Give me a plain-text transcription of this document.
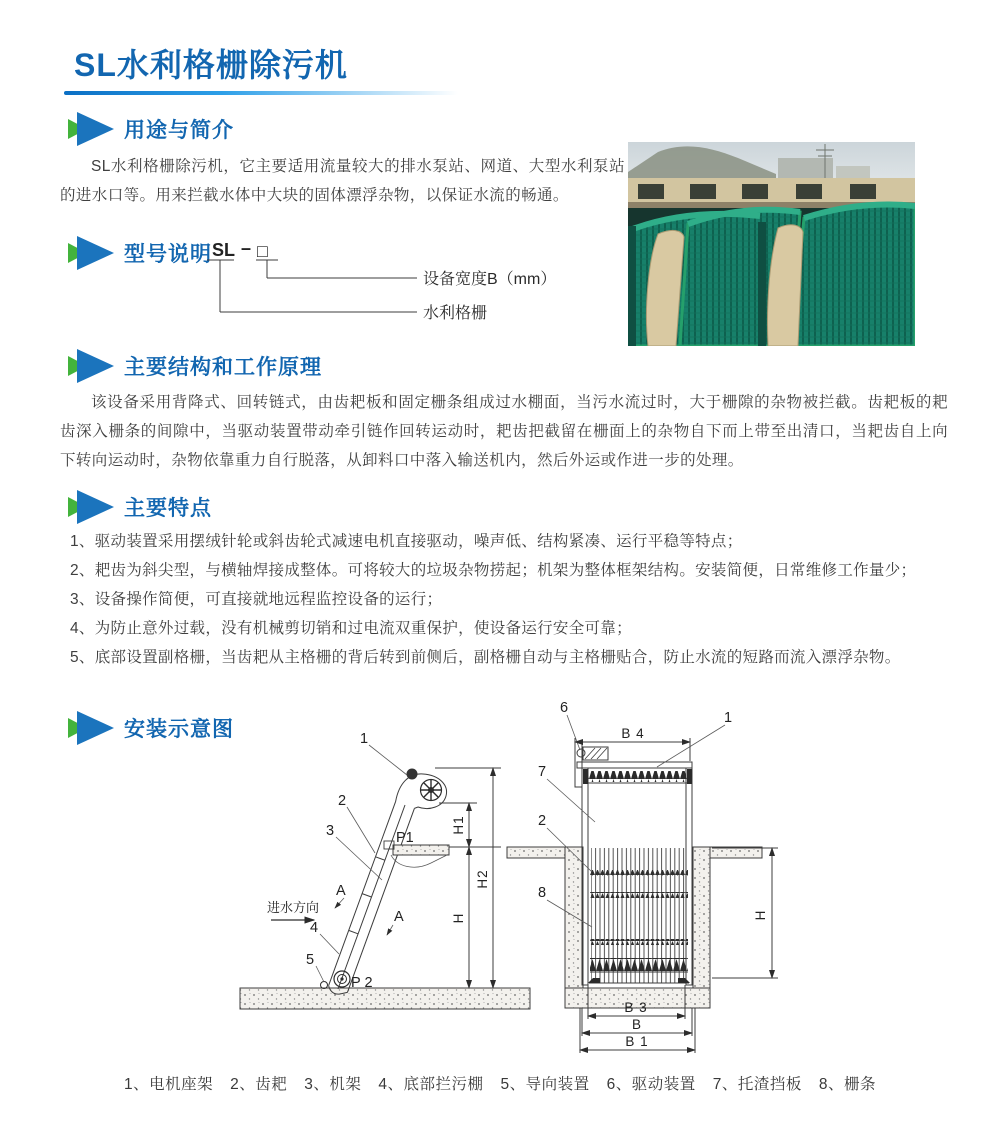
SL水利格栅除污机
用途与简介
型号说明
主要结构和工作原理
主要特点
安装示意图
SL水利格栅除污机，它主要适用流量较大的排水泵站、网道、大型水利泵站的进水口等。用来拦截水体中大块的固体漂浮杂物，以保证水流的畅通。
SL – □
设备宽度B（mm）
水利格栅
该设备采用背降式、回转链式，由齿耙板和固定栅条组成过水棚面，当污水流过时，大于栅隙的杂物被拦截。齿耙板的耙齿深入栅条的间隙中，当驱动装置带动牵引链作回转运动时，耙齿把截留在栅面上的杂物自下而上带至出清口，当耙齿自上向下转向运动时，杂物依靠重力自行脱落，从卸料口中落入输送机内，然后外运或作进一步的处理。
1、驱动装置采用摆绒针轮或斜齿轮式减速电机直接驱动，噪声低、结构紧凑、运行平稳等特点；
2、耙齿为斜尖型，与横轴焊接成整体。可将较大的垃圾杂物捞起；机架为整体框架结构。安装简便，日常维修工作量少；
3、设备操作简便，可直接就地远程监控设备的运行；
4、为防止意外过载，没有机械剪切销和过电流双重保护，使设备运行安全可靠；
5、底部设置副格栅，当齿耙从主格栅的背后转到前侧后，副格栅自动与主格栅贴合，防止水流的短路而流入漂浮杂物。
1
2
3
4
5
P1
P 2
A
A
进水方向
H1
H
H2
6
1
7
2
8
B 4
H
B 3
B
B 1
1、电机座架 2、齿耙 3、机架 4、底部拦污棚 5、导向装置 6、驱动装置 7、托渣挡板 8、栅条
